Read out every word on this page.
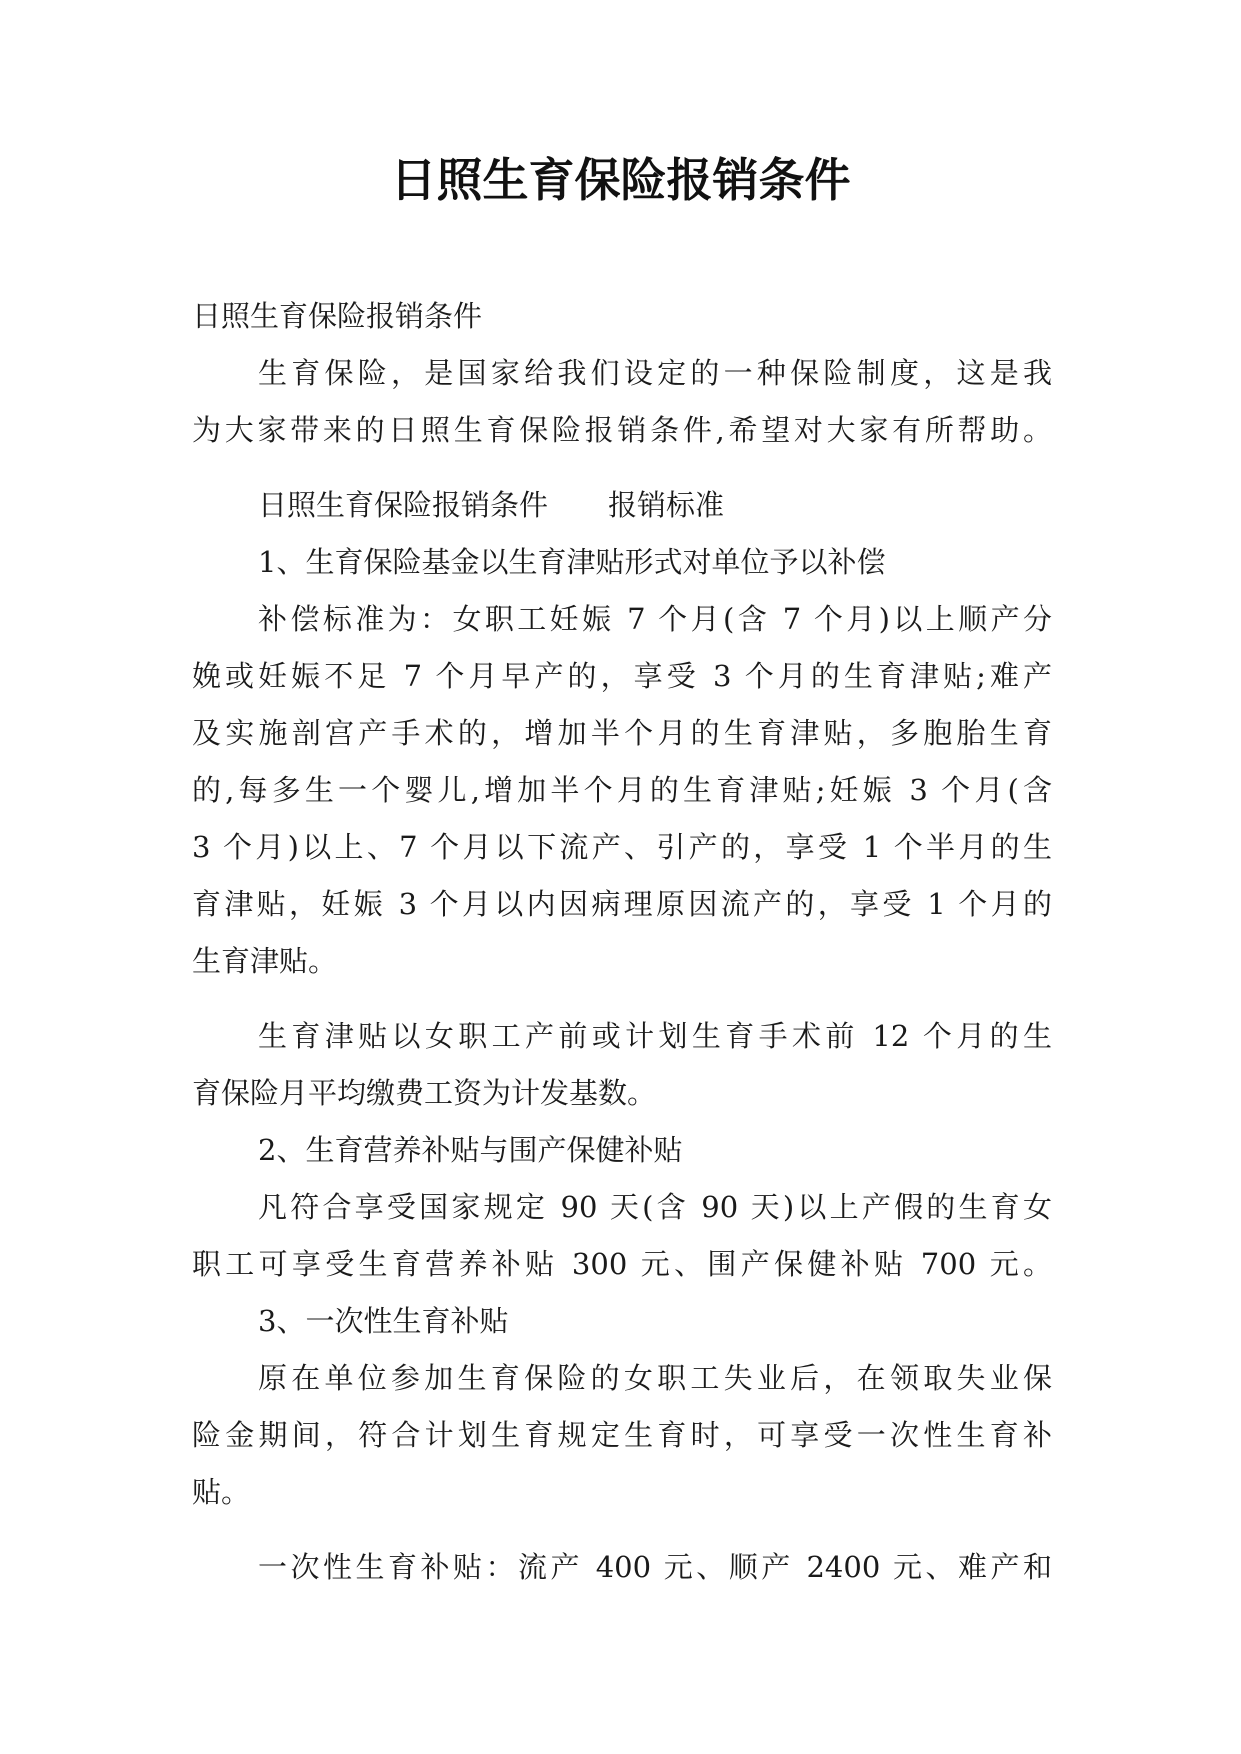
日照生育保险报销条件

日照生育保险报销条件

生育保险，是国家给我们设定的一种保险制度，这是我

为大家带来的日照生育保险报销条件,希望对大家有所帮助。

日照生育保险报销条件 报销标准

1、生育保险基金以生育津贴形式对单位予以补偿

补偿标准为：女职工妊娠 7 个月(含 7 个月)以上顺产分

娩或妊娠不足 7 个月早产的，享受 3 个月的生育津贴;难产

及实施剖宫产手术的，增加半个月的生育津贴，多胞胎生育

的,每多生一个婴儿,增加半个月的生育津贴;妊娠 3 个月(含

3 个月)以上、7 个月以下流产、引产的，享受 1 个半月的生

育津贴，妊娠 3 个月以内因病理原因流产的，享受 1 个月的

生育津贴。

生育津贴以女职工产前或计划生育手术前 12 个月的生

育保险月平均缴费工资为计发基数。

2、生育营养补贴与围产保健补贴

凡符合享受国家规定 90 天(含 90 天)以上产假的生育女

职工可享受生育营养补贴 300 元、围产保健补贴 700 元。

3、一次性生育补贴

原在单位参加生育保险的女职工失业后，在领取失业保

险金期间，符合计划生育规定生育时，可享受一次性生育补

贴。

一次性生育补贴：流产 400 元、顺产 2400 元、难产和
